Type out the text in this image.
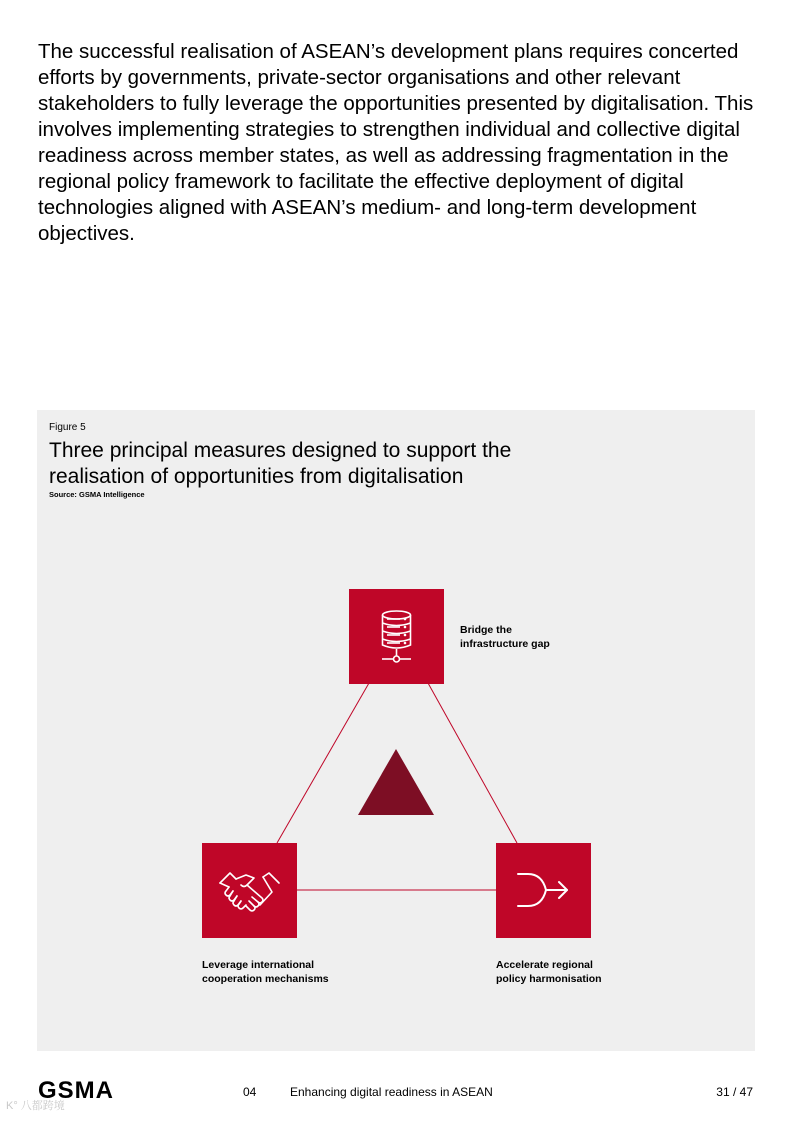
The successful realisation of ASEAN’s development plans requires concerted efforts by governments, private-sector organisations and other relevant stakeholders to fully leverage the opportunities presented by digitalisation. This involves implementing strategies to strengthen individual and collective digital readiness across member states, as well as addressing fragmentation in the regional policy framework to facilitate the effective deployment of digital technologies aligned with ASEAN’s medium- and long-term development objectives.

Figure 5
Three principal measures designed to support the realisation of opportunities from digitalisation
Source: GSMA Intelligence
Bridge the
infrastructure gap
Leverage international
cooperation mechanisms
Accelerate regional
policy harmonisation
GSMA	04	Enhancing digital readiness in ASEAN	31 / 47
K° 八都跨境
